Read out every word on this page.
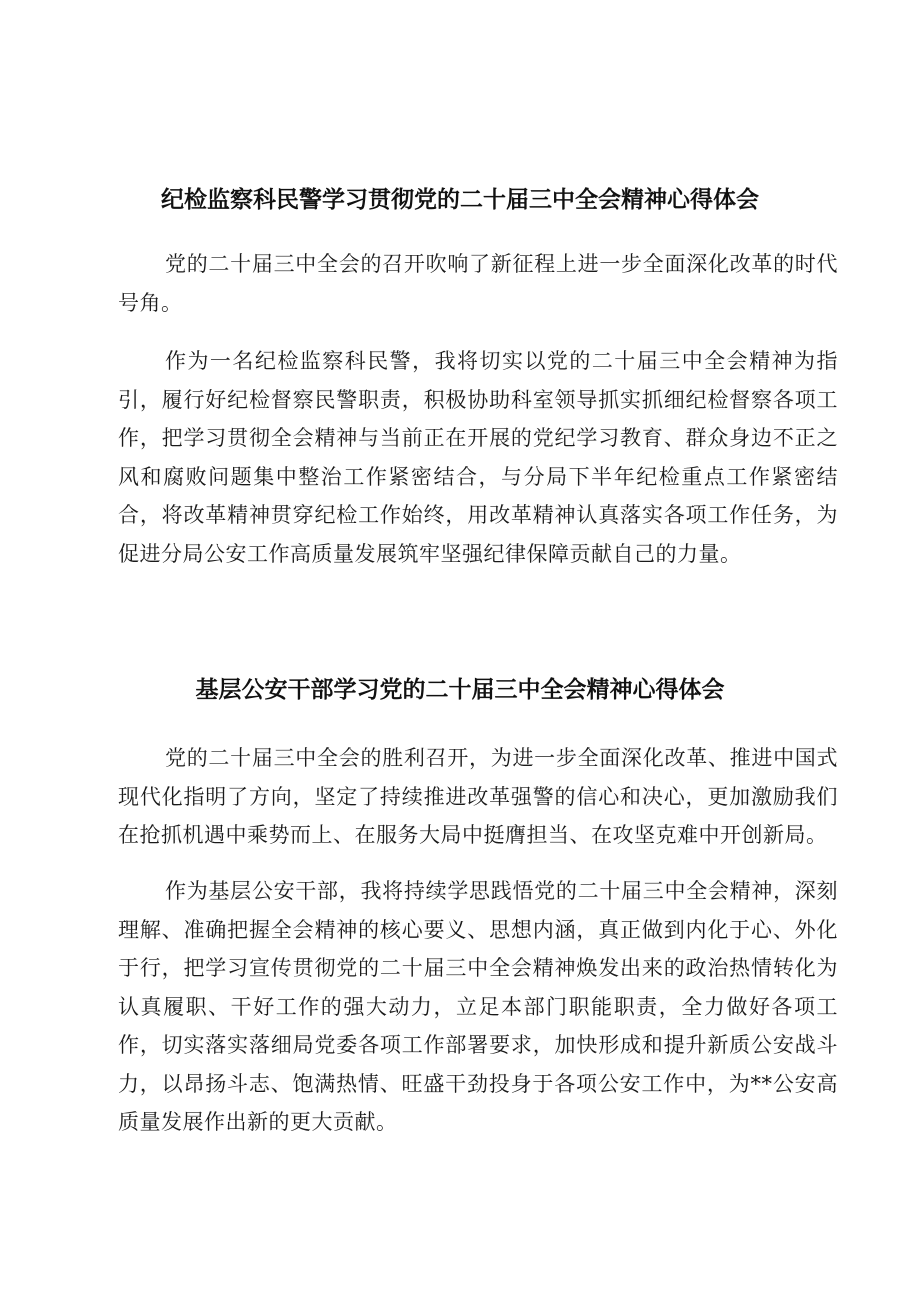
纪检监察科民警学习贯彻党的二十届三中全会精神心得体会

党的二十届三中全会的召开吹响了新征程上进一步全面深化改革的时代号角。

作为一名纪检监察科民警，我将切实以党的二十届三中全会精神为指引，履行好纪检督察民警职责，积极协助科室领导抓实抓细纪检督察各项工作，把学习贯彻全会精神与当前正在开展的党纪学习教育、群众身边不正之风和腐败问题集中整治工作紧密结合，与分局下半年纪检重点工作紧密结合，将改革精神贯穿纪检工作始终，用改革精神认真落实各项工作任务，为促进分局公安工作高质量发展筑牢坚强纪律保障贡献自己的力量。

基层公安干部学习党的二十届三中全会精神心得体会

党的二十届三中全会的胜利召开，为进一步全面深化改革、推进中国式现代化指明了方向，坚定了持续推进改革强警的信心和决心，更加激励我们在抢抓机遇中乘势而上、在服务大局中挺膺担当、在攻坚克难中开创新局。

作为基层公安干部，我将持续学思践悟党的二十届三中全会精神，深刻理解、准确把握全会精神的核心要义、思想内涵，真正做到内化于心、外化于行，把学习宣传贯彻党的二十届三中全会精神焕发出来的政治热情转化为认真履职、干好工作的强大动力，立足本部门职能职责，全力做好各项工作，切实落实落细局党委各项工作部署要求，加快形成和提升新质公安战斗力，以昂扬斗志、饱满热情、旺盛干劲投身于各项公安工作中，为**公安高质量发展作出新的更大贡献。
